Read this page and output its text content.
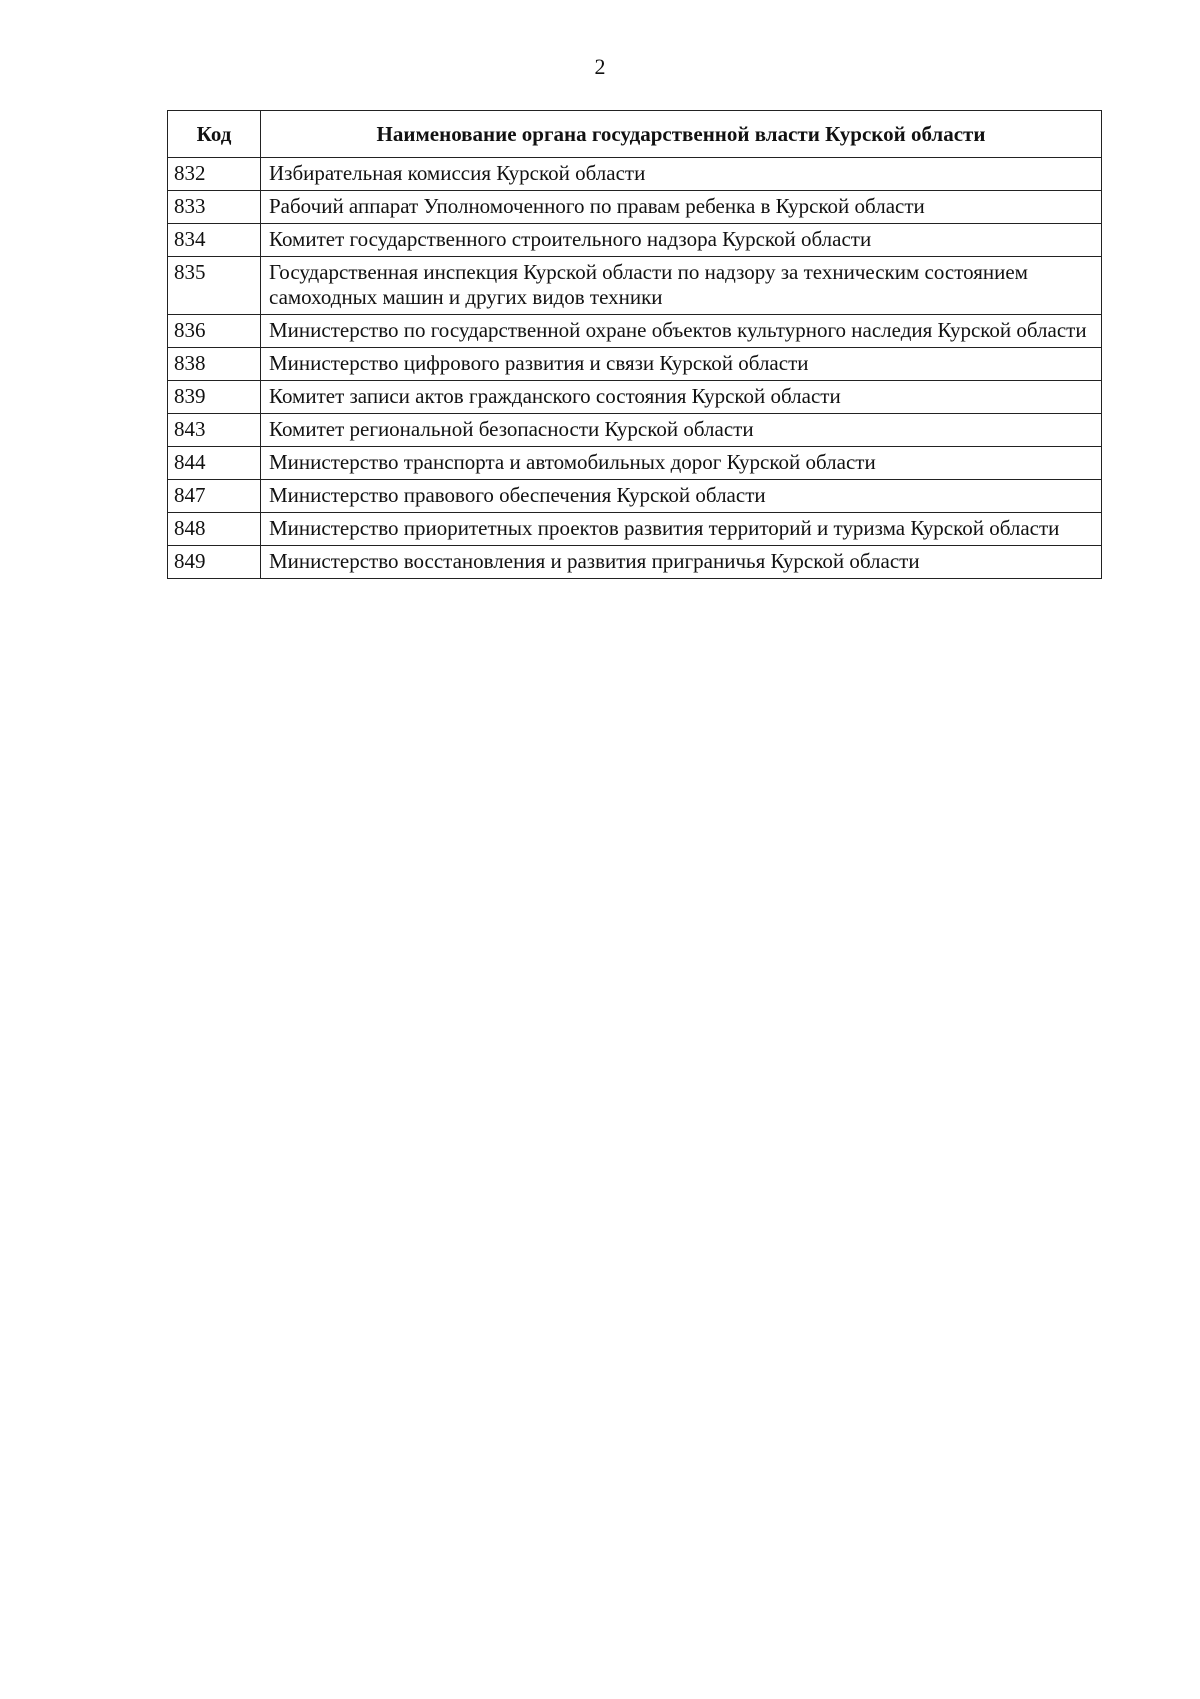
2
Код	Наименование органа государственной власти Курской области
832	Избирательная комиссия Курской области
833	Рабочий аппарат Уполномоченного по правам ребенка в Курской области
834	Комитет государственного строительного надзора Курской области
835	Государственная инспекция Курской области по надзору за техническим состоянием самоходных машин и других видов техники
836	Министерство по государственной охране объектов культурного наследия Курской области
838	Министерство цифрового развития и связи Курской области
839	Комитет записи актов гражданского состояния Курской области
843	Комитет региональной безопасности Курской области
844	Министерство транспорта и автомобильных дорог Курской области
847	Министерство правового обеспечения Курской области
848	Министерство приоритетных проектов развития территорий и туризма Курской области
849	Министерство восстановления и развития приграничья Курской области
